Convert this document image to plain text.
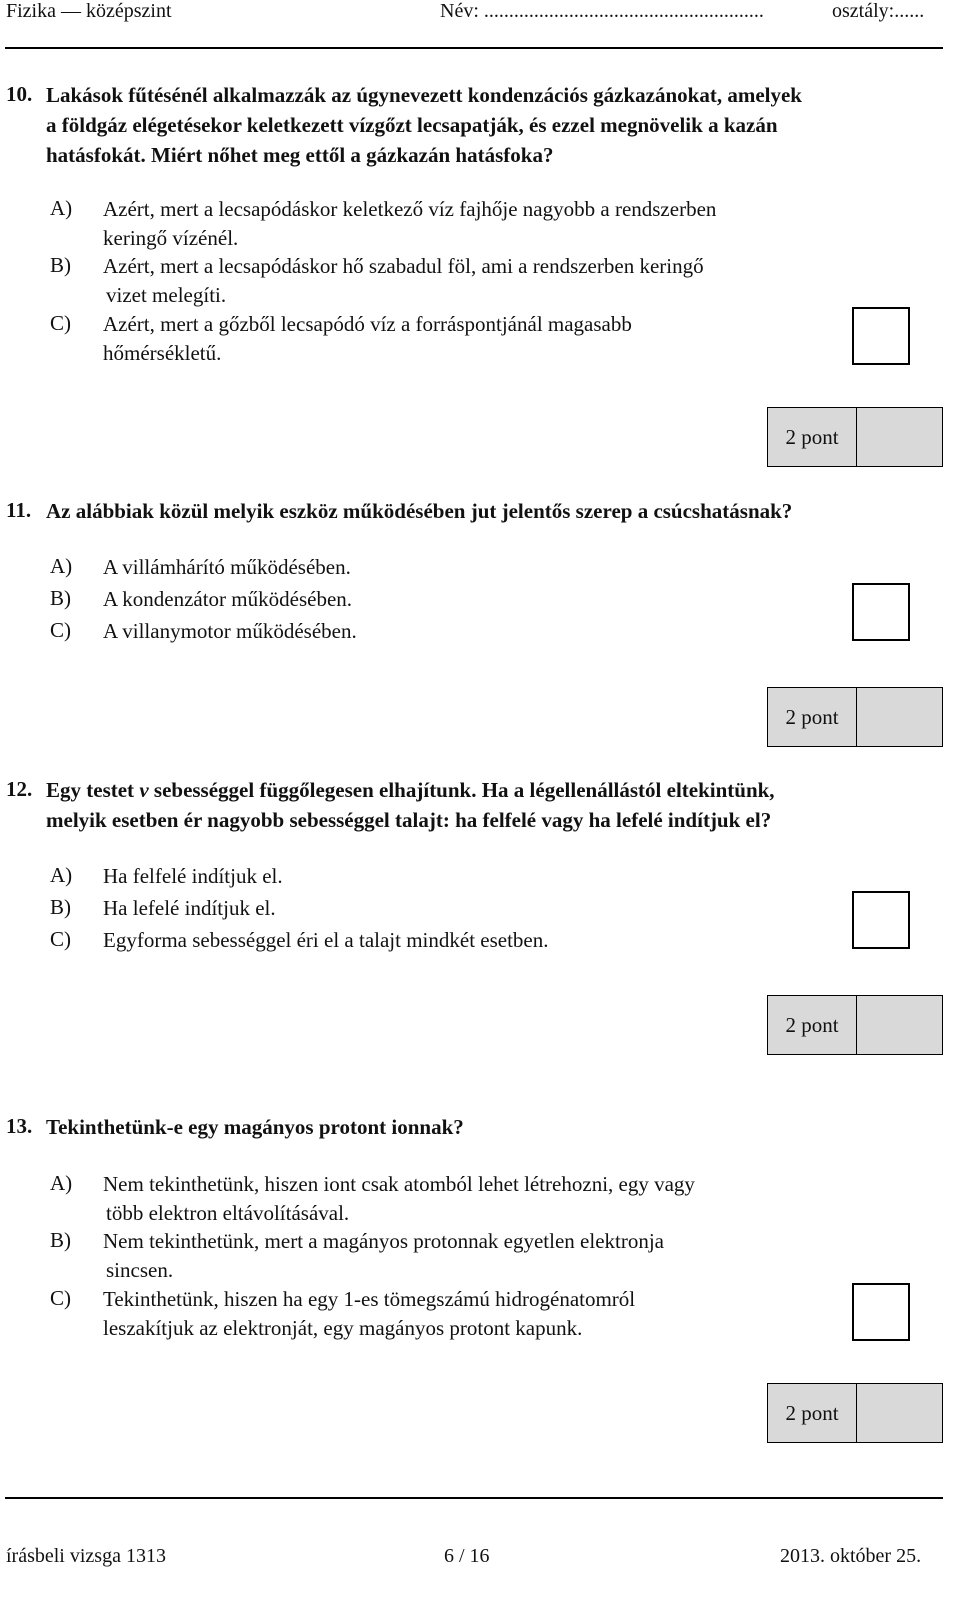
Fizika — középszint	Név: ........................................................	osztály:......
10. Lakások fűtésénél alkalmazzák az úgynevezett kondenzációs gázkazánokat, amelyek
a földgáz elégetésekor keletkezett vízgőzt lecsapatják, és ezzel megnövelik a kazán
hatásfokát. Miért nőhet meg ettől a gázkazán hatásfoka?
A) Azért, mert a lecsapódáskor keletkező víz fajhője nagyobb a rendszerben
keringő vízénél.
B) Azért, mert a lecsapódáskor hő szabadul föl, ami a rendszerben keringő
vizet melegíti.
C) Azért, mert a gőzből lecsapódó víz a forráspontjánál magasabb
hőmérsékletű.
2 pont
11. Az alábbiak közül melyik eszköz működésében jut jelentős szerep a csúcshatásnak?
A) A villámhárító működésében.
B) A kondenzátor működésében.
C) A villanymotor működésében.
2 pont
12. Egy testet v sebességgel függőlegesen elhajítunk. Ha a légellenállástól eltekintünk,
melyik esetben ér nagyobb sebességgel talajt: ha felfelé vagy ha lefelé indítjuk el?
A) Ha felfelé indítjuk el.
B) Ha lefelé indítjuk el.
C) Egyforma sebességgel éri el a talajt mindkét esetben.
2 pont
13. Tekinthetünk-e egy magányos protont ionnak?
A) Nem tekinthetünk, hiszen iont csak atomból lehet létrehozni, egy vagy
több elektron eltávolításával.
B) Nem tekinthetünk, mert a magányos protonnak egyetlen elektronja
sincsen.
C) Tekinthetünk, hiszen ha egy 1-es tömegszámú hidrogénatomról
leszakítjuk az elektronját, egy magányos protont kapunk.
2 pont
írásbeli vizsga 1313	6 / 16	2013. október 25.
